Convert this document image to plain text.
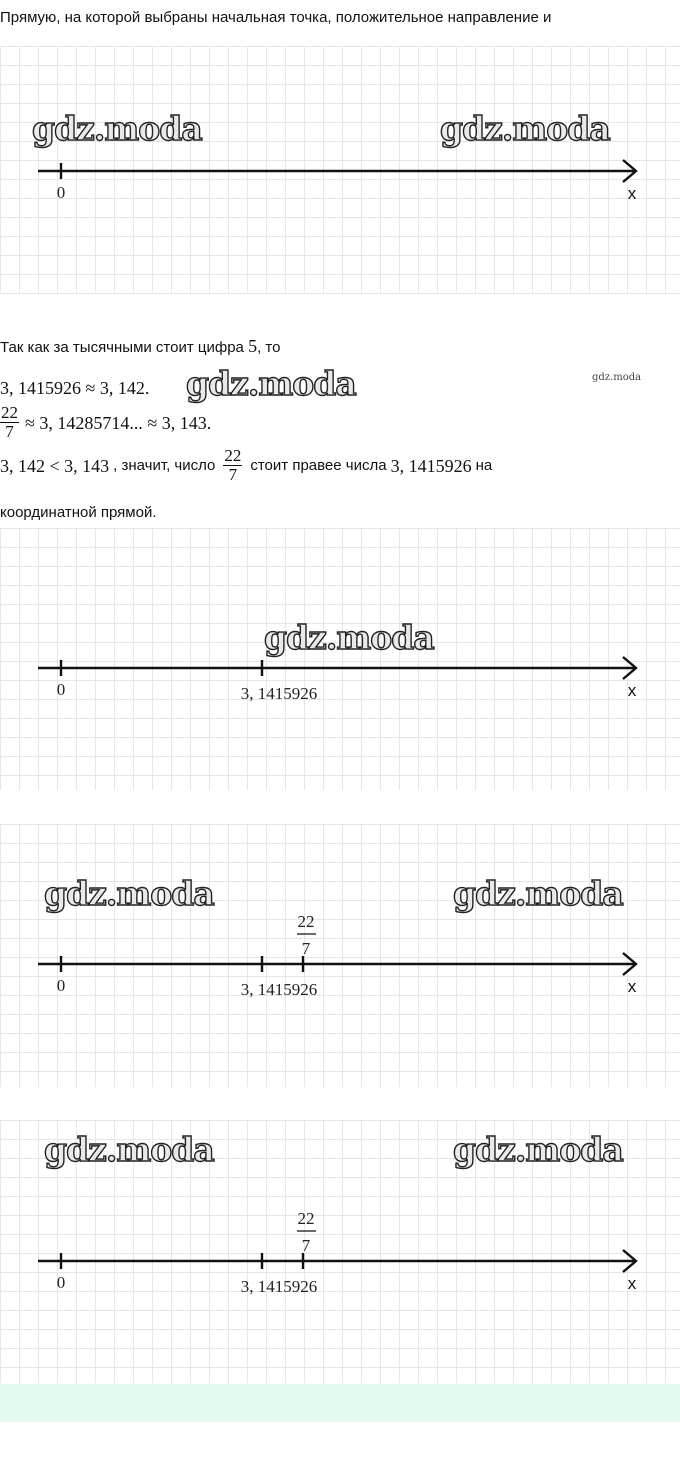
Прямую, на которой выбраны начальная точка, положительное направление и
gdz.moda	gdz.moda
0	x
Так как за тысячными стоит цифра 5, то
3, 1415926 ≈ 3, 142. gdz.moda	gdz.moda
$\frac{22}{7} \approx 3$, 14285714... ≈ 3, 143.
3, 142 < 3, 143 , значит, число $\frac{22}{7}$ стоит правее числа 3, 1415926 на
координатной прямой.
gdz.moda
0	3, 1415926	x
gdz.moda	gdz.moda
22
7
0	3, 1415926	x
gdz.moda	gdz.moda
22
7
0	3, 1415926	x
